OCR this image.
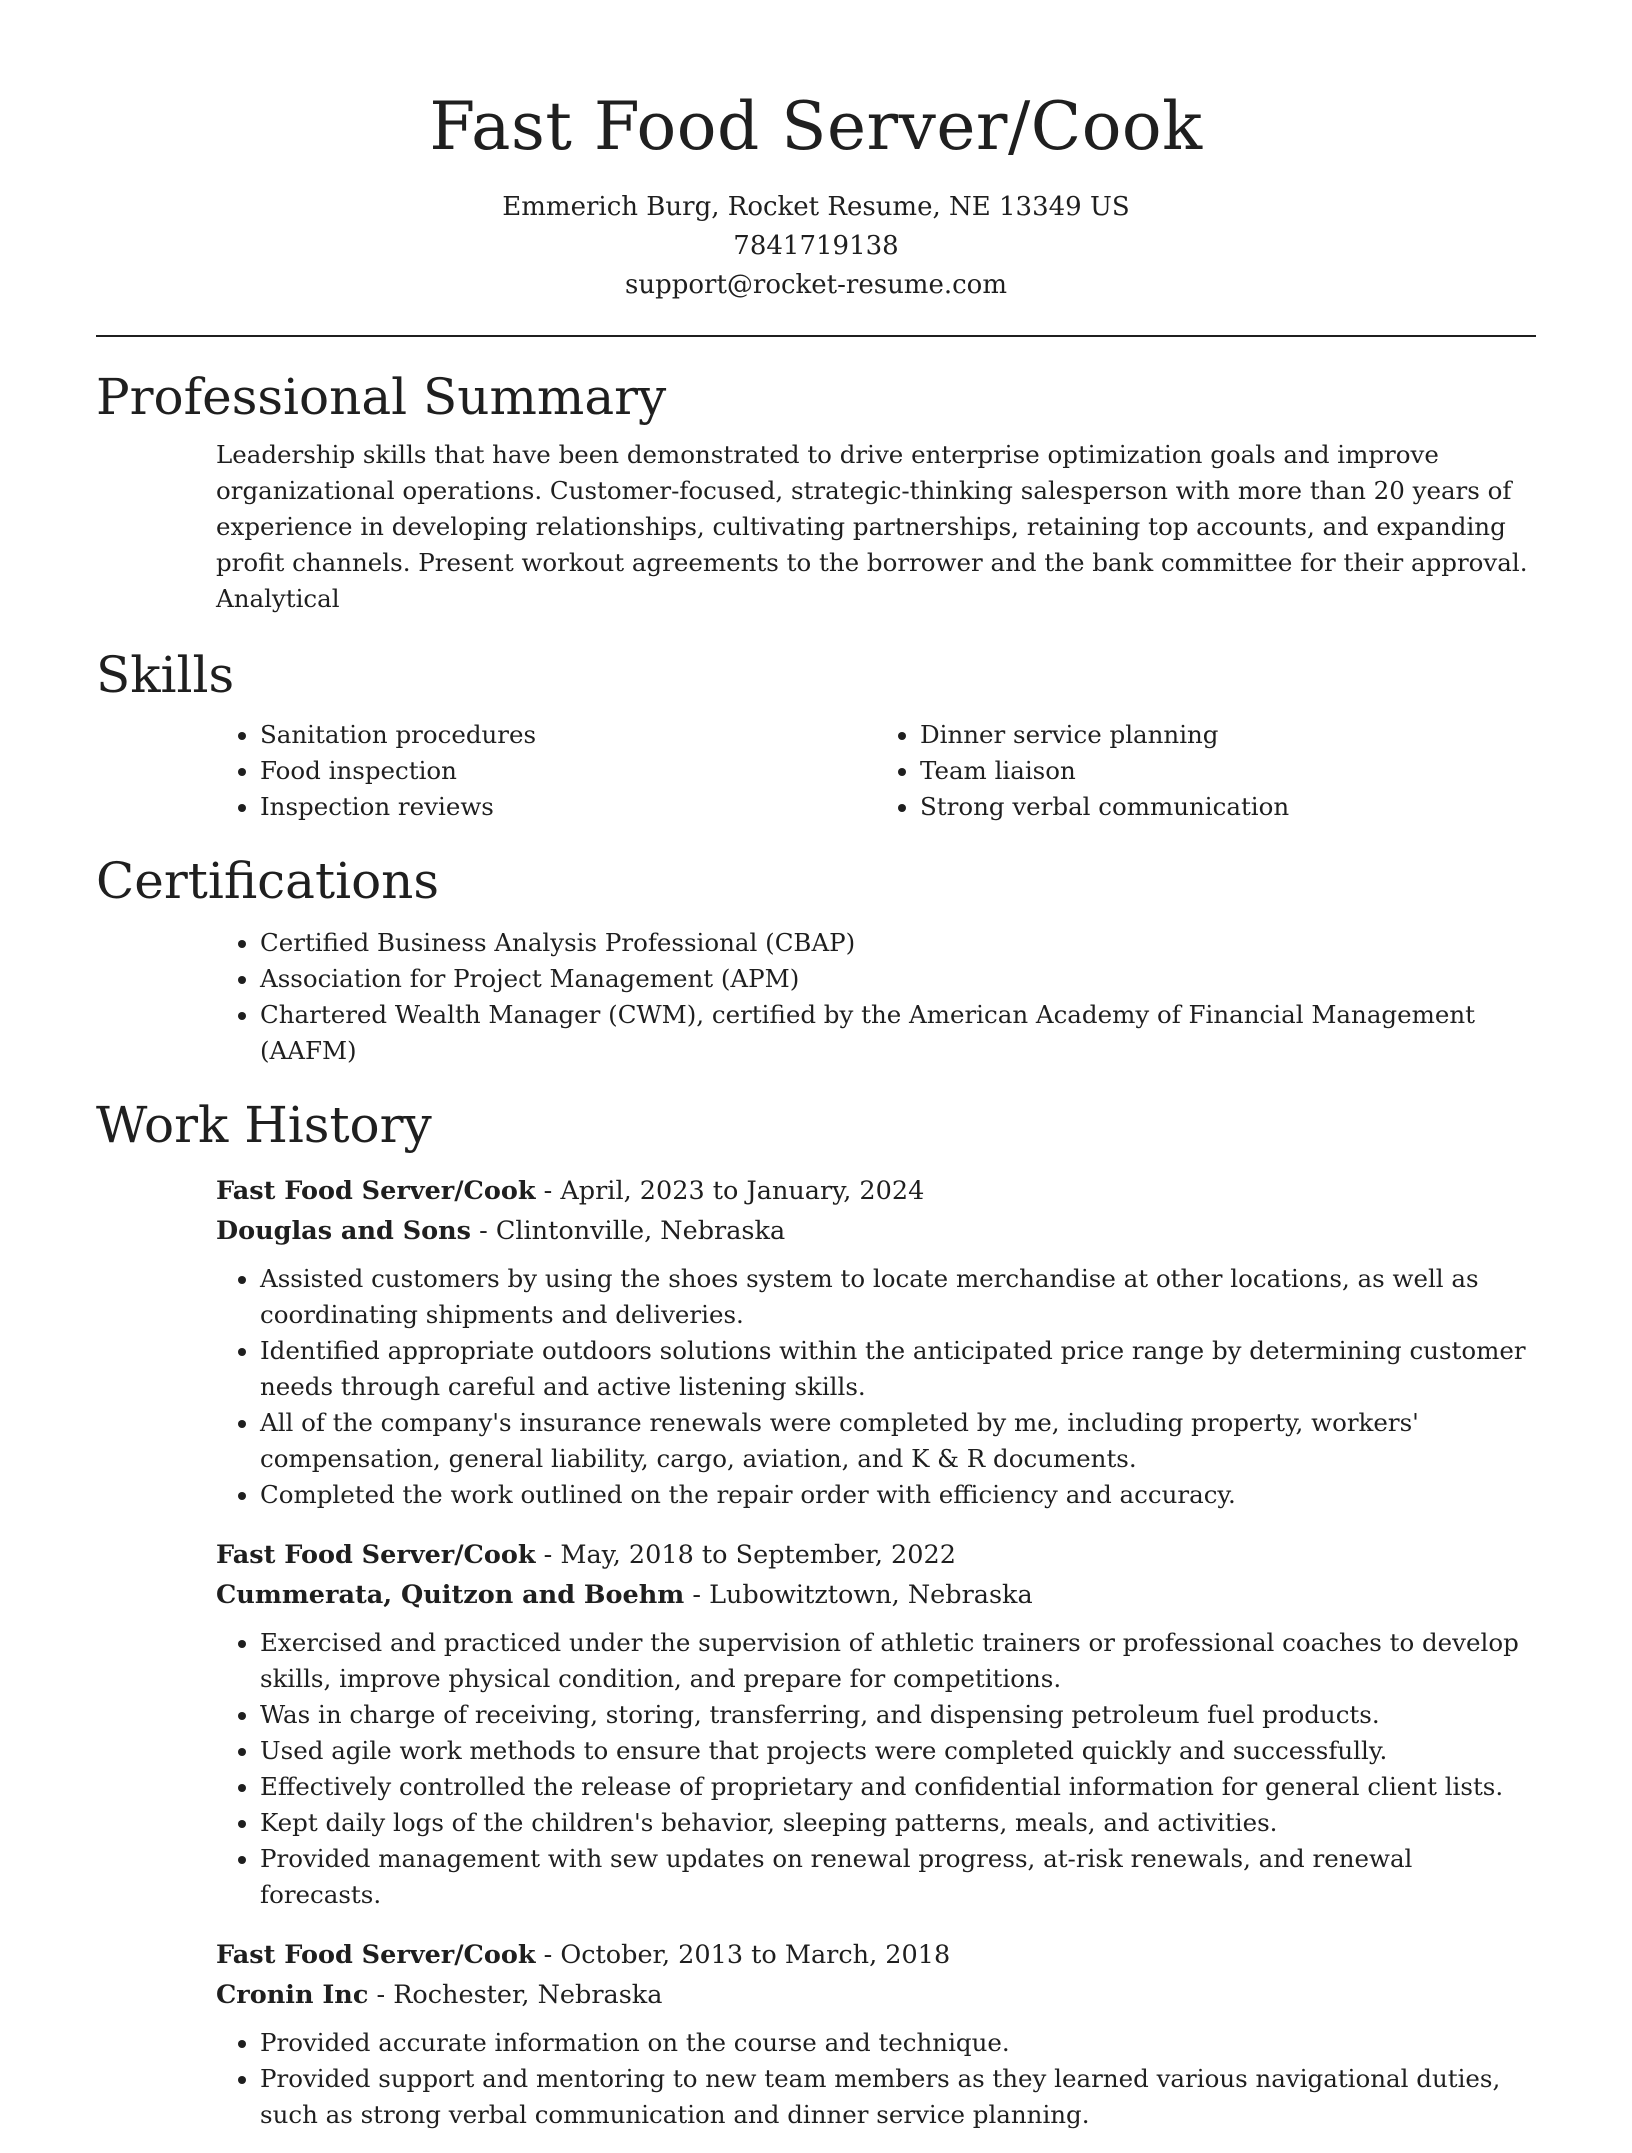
Fast Food Server/Cook
Emmerich Burg, Rocket Resume, NE 13349 US
7841719138
support@rocket-resume.com
Professional Summary
Leadership skills that have been demonstrated to drive enterprise optimization goals and improve organizational operations. Customer-focused, strategic-thinking salesperson with more than 20 years of experience in developing relationships, cultivating partnerships, retaining top accounts, and expanding profit channels. Present workout agreements to the borrower and the bank committee for their approval. Analytical
Skills
• Sanitation procedures
• Food inspection
• Inspection reviews
• Dinner service planning
• Team liaison
• Strong verbal communication
Certifications
• Certified Business Analysis Professional (CBAP)
• Association for Project Management (APM)
• Chartered Wealth Manager (CWM), certified by the American Academy of Financial Management (AAFM)
Work History
Fast Food Server/Cook - April, 2023 to January, 2024
Douglas and Sons - Clintonville, Nebraska
• Assisted customers by using the shoes system to locate merchandise at other locations, as well as coordinating shipments and deliveries.
• Identified appropriate outdoors solutions within the anticipated price range by determining customer needs through careful and active listening skills.
• All of the company's insurance renewals were completed by me, including property, workers' compensation, general liability, cargo, aviation, and K & R documents.
• Completed the work outlined on the repair order with efficiency and accuracy.
Fast Food Server/Cook - May, 2018 to September, 2022
Cummerata, Quitzon and Boehm - Lubowitztown, Nebraska
• Exercised and practiced under the supervision of athletic trainers or professional coaches to develop skills, improve physical condition, and prepare for competitions.
• Was in charge of receiving, storing, transferring, and dispensing petroleum fuel products.
• Used agile work methods to ensure that projects were completed quickly and successfully.
• Effectively controlled the release of proprietary and confidential information for general client lists.
• Kept daily logs of the children's behavior, sleeping patterns, meals, and activities.
• Provided management with sew updates on renewal progress, at-risk renewals, and renewal forecasts.
Fast Food Server/Cook - October, 2013 to March, 2018
Cronin Inc - Rochester, Nebraska
• Provided accurate information on the course and technique.
• Provided support and mentoring to new team members as they learned various navigational duties, such as strong verbal communication and dinner service planning.
